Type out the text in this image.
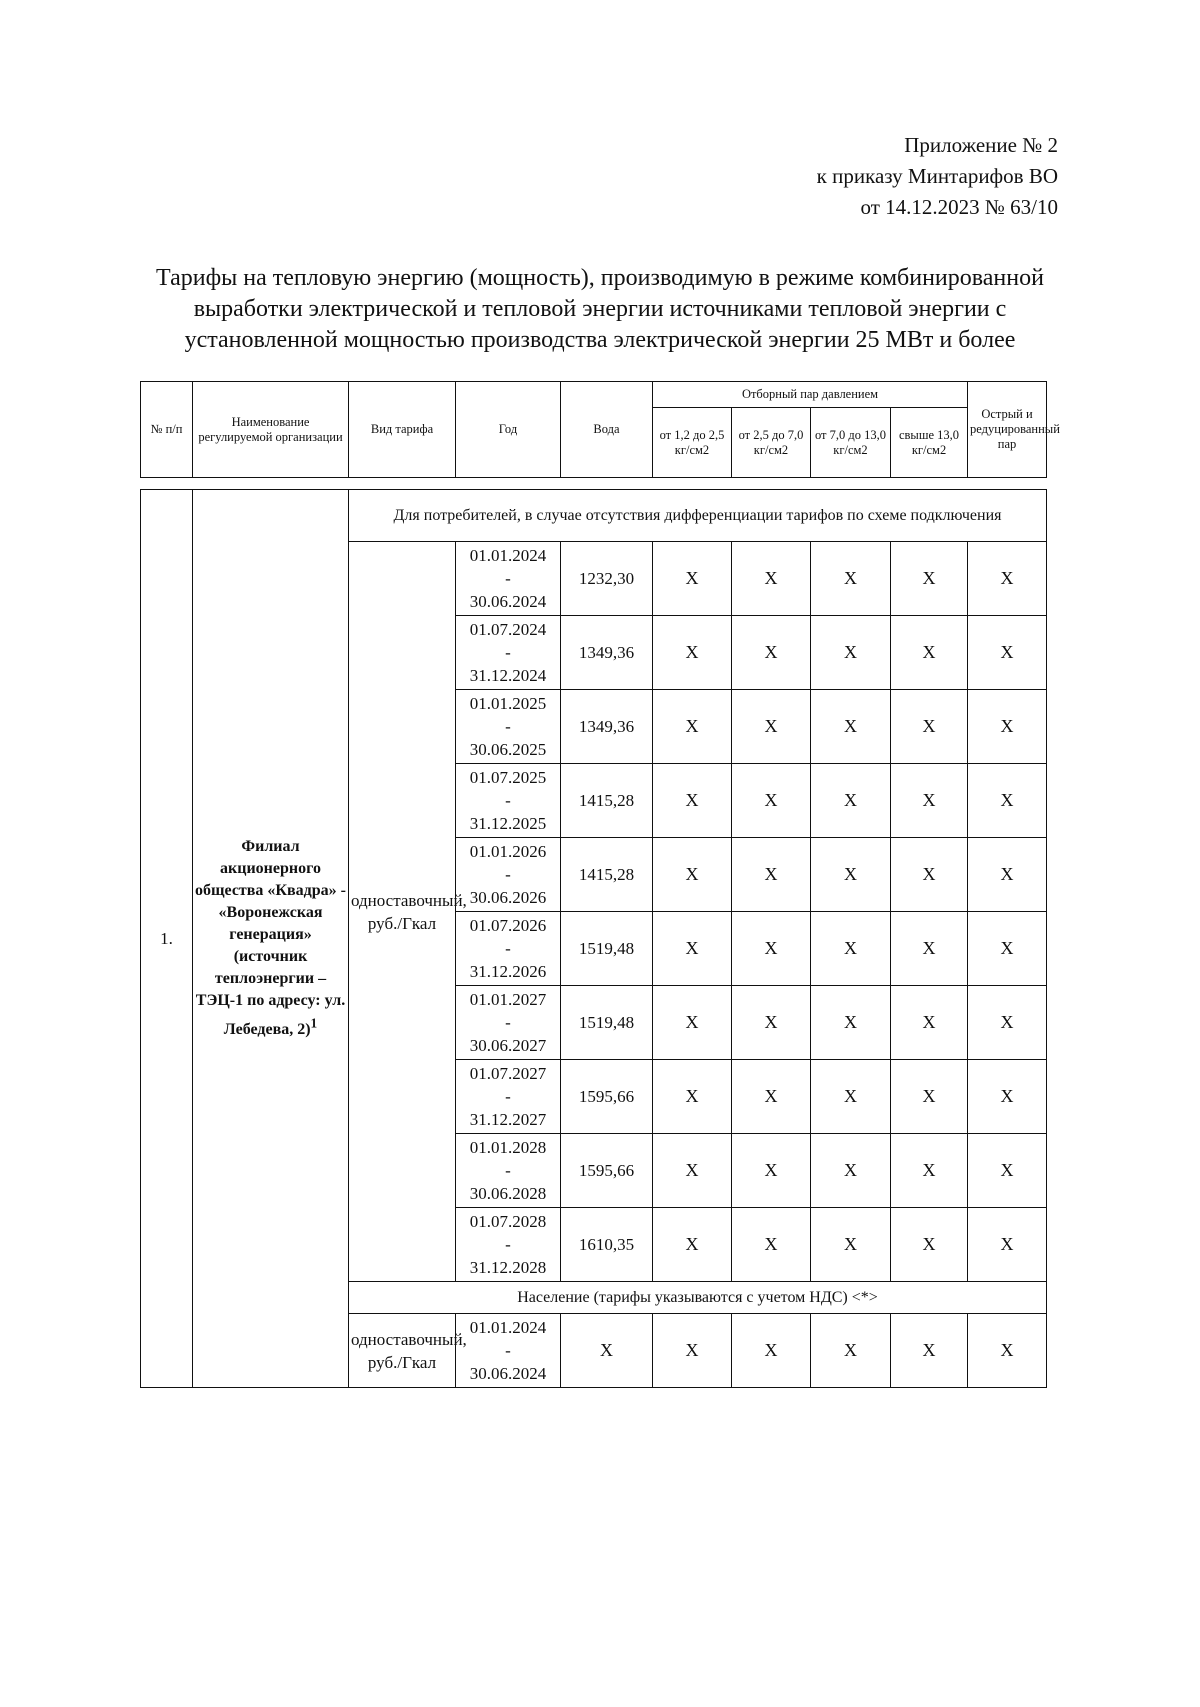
Приложение № 2
к приказу Минтарифов ВО
от 14.12.2023 № 63/10
Тарифы на тепловую энергию (мощность), производимую в режиме комбинированной выработки электрической и тепловой энергии источниками тепловой энергии с установленной мощностью производства электрической энергии 25 МВт и более
№ п/п	Наименование регулируемой организации	Вид тарифа	Год	Вода	Отборный пар давлением				Острый и редуцированный пар
					от 1,2 до 2,5 кг/см2	от 2,5 до 7,0 кг/см2	от 7,0 до 13,0 кг/см2	свыше 13,0 кг/см2	

1.	Филиал акционерного общества «Квадра» - «Воронежская генерация» (источник теплоэнергии – ТЭЦ-1 по адресу: ул. Лебедева, 2)$^1$	Для потребителей, в случае отсутствия дифференциации тарифов по схеме подключения							
		одноставочный, руб./Гкал	01.01.2024
-
30.06.2024	1232,30	X	X	X	X	X

			01.07.2024
-
31.12.2024	1349,36	X	X	X	X	X

			01.01.2025
-
30.06.2025	1349,36	X	X	X	X	X

			01.07.2025
-
31.12.2025	1415,28	X	X	X	X	X

			01.01.2026
-
30.06.2026	1415,28	X	X	X	X	X

			01.07.2026
-
31.12.2026	1519,48	X	X	X	X	X

			01.01.2027
-
30.06.2027	1519,48	X	X	X	X	X

			01.07.2027
-
31.12.2027	1595,66	X	X	X	X	X

			01.01.2028
-
30.06.2028	1595,66	X	X	X	X	X

			01.07.2028
-
31.12.2028	1610,35	X	X	X	X	X
		Население (тарифы указываются с учетом НДС) <*>							
		одноставочный, руб./Гкал	01.01.2024
-
30.06.2024	X	X	X	X	X	X
